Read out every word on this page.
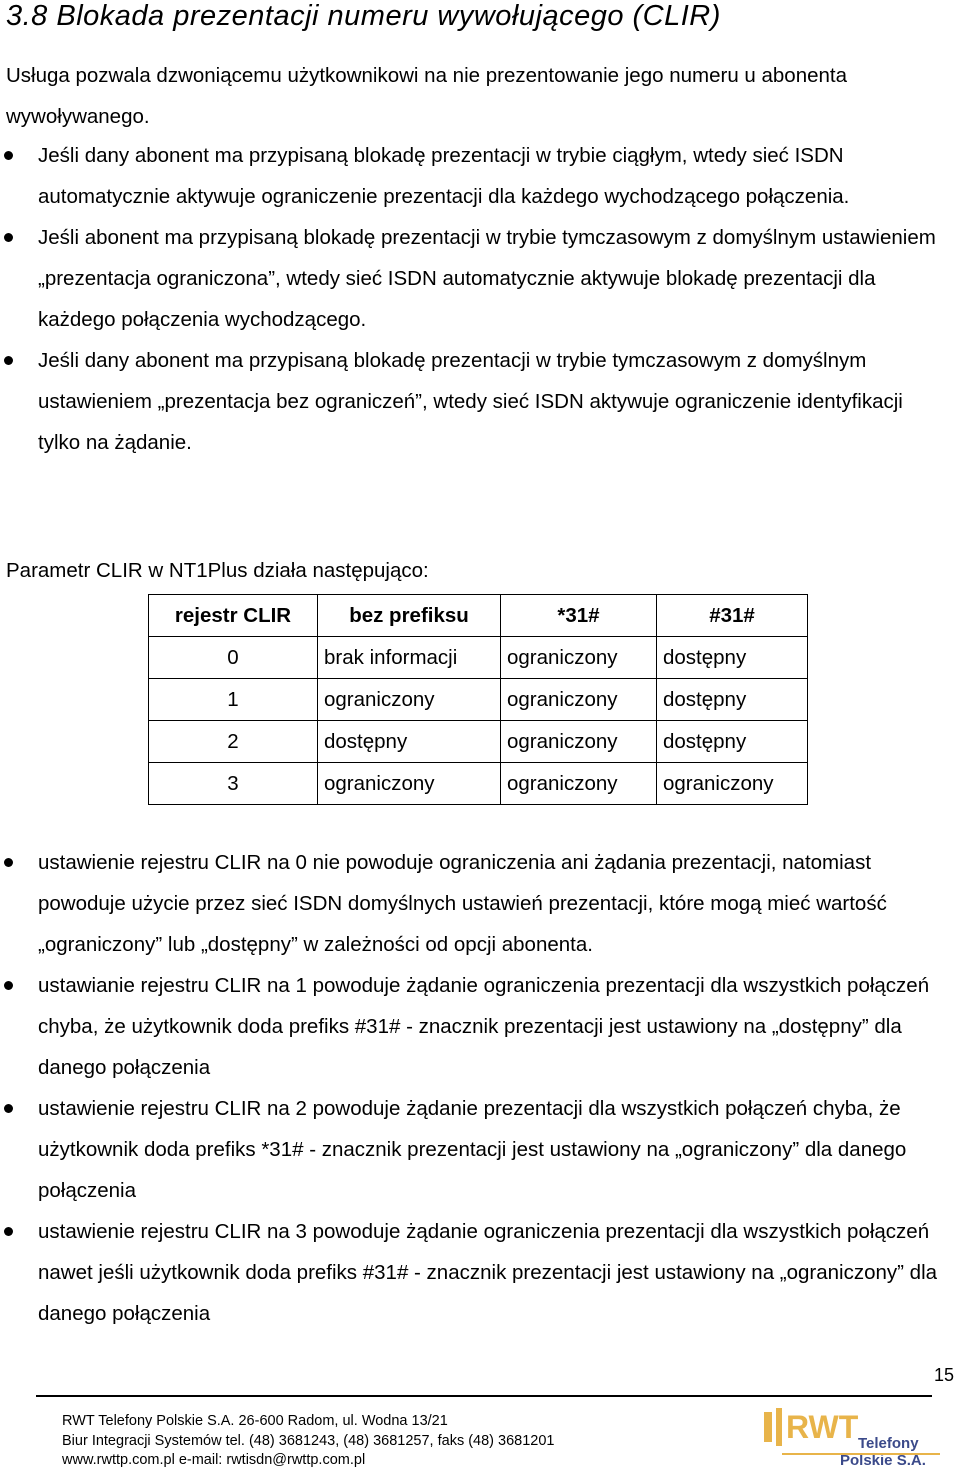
3.8 Blokada prezentacji numeru wywołującego (CLIR)
Usługa pozwala dzwoniącemu użytkownikowi na nie prezentowanie jego numeru u abonenta wywoływanego.
Jeśli dany abonent ma przypisaną blokadę prezentacji w trybie ciągłym, wtedy sieć ISDN automatycznie aktywuje ograniczenie prezentacji dla każdego wychodzącego połączenia.
Jeśli abonent ma przypisaną blokadę prezentacji w trybie tymczasowym z domyślnym ustawieniem „prezentacja ograniczona”, wtedy sieć ISDN automatycznie aktywuje blokadę prezentacji dla każdego połączenia wychodzącego.
Jeśli dany abonent ma przypisaną blokadę prezentacji w trybie tymczasowym z domyślnym ustawieniem „prezentacja bez ograniczeń”, wtedy sieć ISDN aktywuje ograniczenie identyfikacji tylko na żądanie.
Parametr CLIR w NT1Plus działa następująco:
rejestr CLIR	bez prefiksu	*31#	#31#
0	brak informacji	ograniczony	dostępny
1	ograniczony	ograniczony	dostępny
2	dostępny	ograniczony	dostępny
3	ograniczony	ograniczony	ograniczony
ustawienie rejestru CLIR na 0 nie powoduje ograniczenia ani żądania prezentacji, natomiast powoduje użycie przez sieć ISDN domyślnych ustawień prezentacji, które mogą mieć wartość „ograniczony” lub „dostępny” w zależności od opcji abonenta.
ustawianie rejestru CLIR na 1 powoduje żądanie ograniczenia prezentacji dla wszystkich połączeń chyba, że użytkownik doda prefiks #31# - znacznik prezentacji jest ustawiony na „dostępny” dla danego połączenia
ustawienie rejestru CLIR na 2 powoduje żądanie prezentacji dla wszystkich połączeń chyba, że użytkownik doda prefiks *31# - znacznik prezentacji jest ustawiony na „ograniczony” dla danego połączenia
ustawienie rejestru CLIR na 3 powoduje żądanie ograniczenia prezentacji dla wszystkich połączeń nawet jeśli użytkownik doda prefiks #31# - znacznik prezentacji jest ustawiony na „ograniczony” dla danego połączenia
15
RWT Telefony Polskie S.A. 26-600 Radom, ul. Wodna 13/21
Biur Integracji Systemów tel. (48) 3681243, (48) 3681257, faks (48) 3681201
www.rwttp.com.pl e-mail: rwtisdn@rwttp.com.pl
RWT Telefony
Polskie S.A.
